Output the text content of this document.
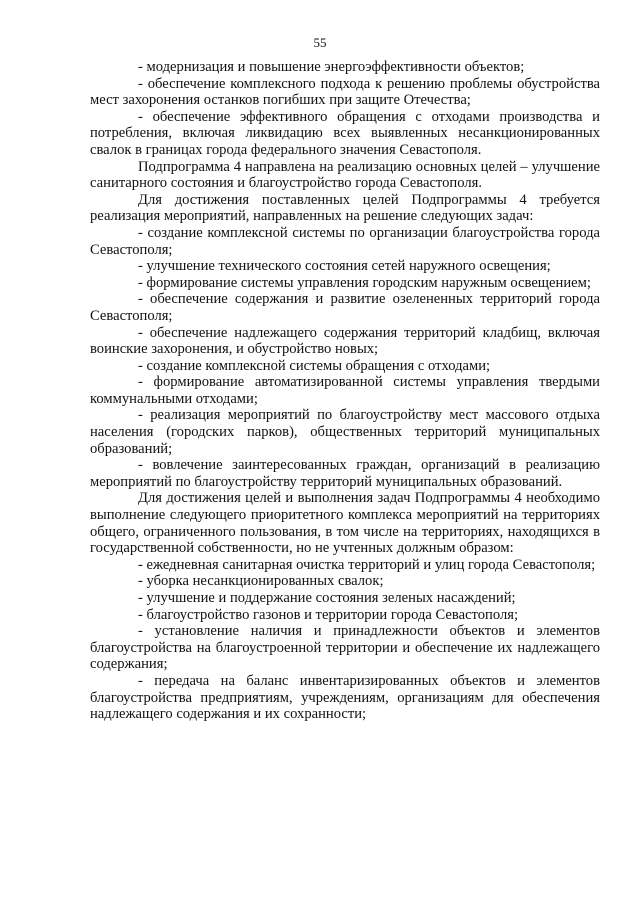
55

- модернизация и повышение энергоэффективности объектов;

- обеспечение комплексного подхода к решению проблемы обустройства мест захоронения останков погибших при защите Отечества;

- обеспечение эффективного обращения с отходами производства и потребления, включая ликвидацию всех выявленных несанкционированных свалок в границах города федерального значения Севастополя.

Подпрограмма 4 направлена на реализацию основных целей – улучшение санитарного состояния и благоустройство города Севастополя.

Для достижения поставленных целей Подпрограммы 4 требуется реализация мероприятий, направленных на решение следующих задач:

- создание комплексной системы по организации благоустройства города Севастополя;

- улучшение технического состояния сетей наружного освещения;

- формирование системы управления городским наружным освещением;

- обеспечение содержания и развитие озелененных территорий города Севастополя;

- обеспечение надлежащего содержания территорий кладбищ, включая воинские захоронения, и обустройство новых;

- создание комплексной системы обращения с отходами;

- формирование автоматизированной системы управления твердыми коммунальными отходами;

- реализация мероприятий по благоустройству мест массового отдыха населения (городских парков), общественных территорий муниципальных образований;

- вовлечение заинтересованных граждан, организаций в реализацию мероприятий по благоустройству территорий муниципальных образований.

Для достижения целей и выполнения задач Подпрограммы 4 необходимо выполнение следующего приоритетного комплекса мероприятий на территориях общего, ограниченного пользования, в том числе на территориях, находящихся в государственной собственности, но не учтенных должным образом:

- ежедневная санитарная очистка территорий и улиц города Севастополя;

- уборка несанкционированных свалок;

- улучшение и поддержание состояния зеленых насаждений;

- благоустройство газонов и территории города Севастополя;

- установление наличия и принадлежности объектов и элементов благоустройства на благоустроенной территории и обеспечение их надлежащего содержания;

- передача на баланс инвентаризированных объектов и элементов благоустройства предприятиям, учреждениям, организациям для обеспечения надлежащего содержания и их сохранности;
